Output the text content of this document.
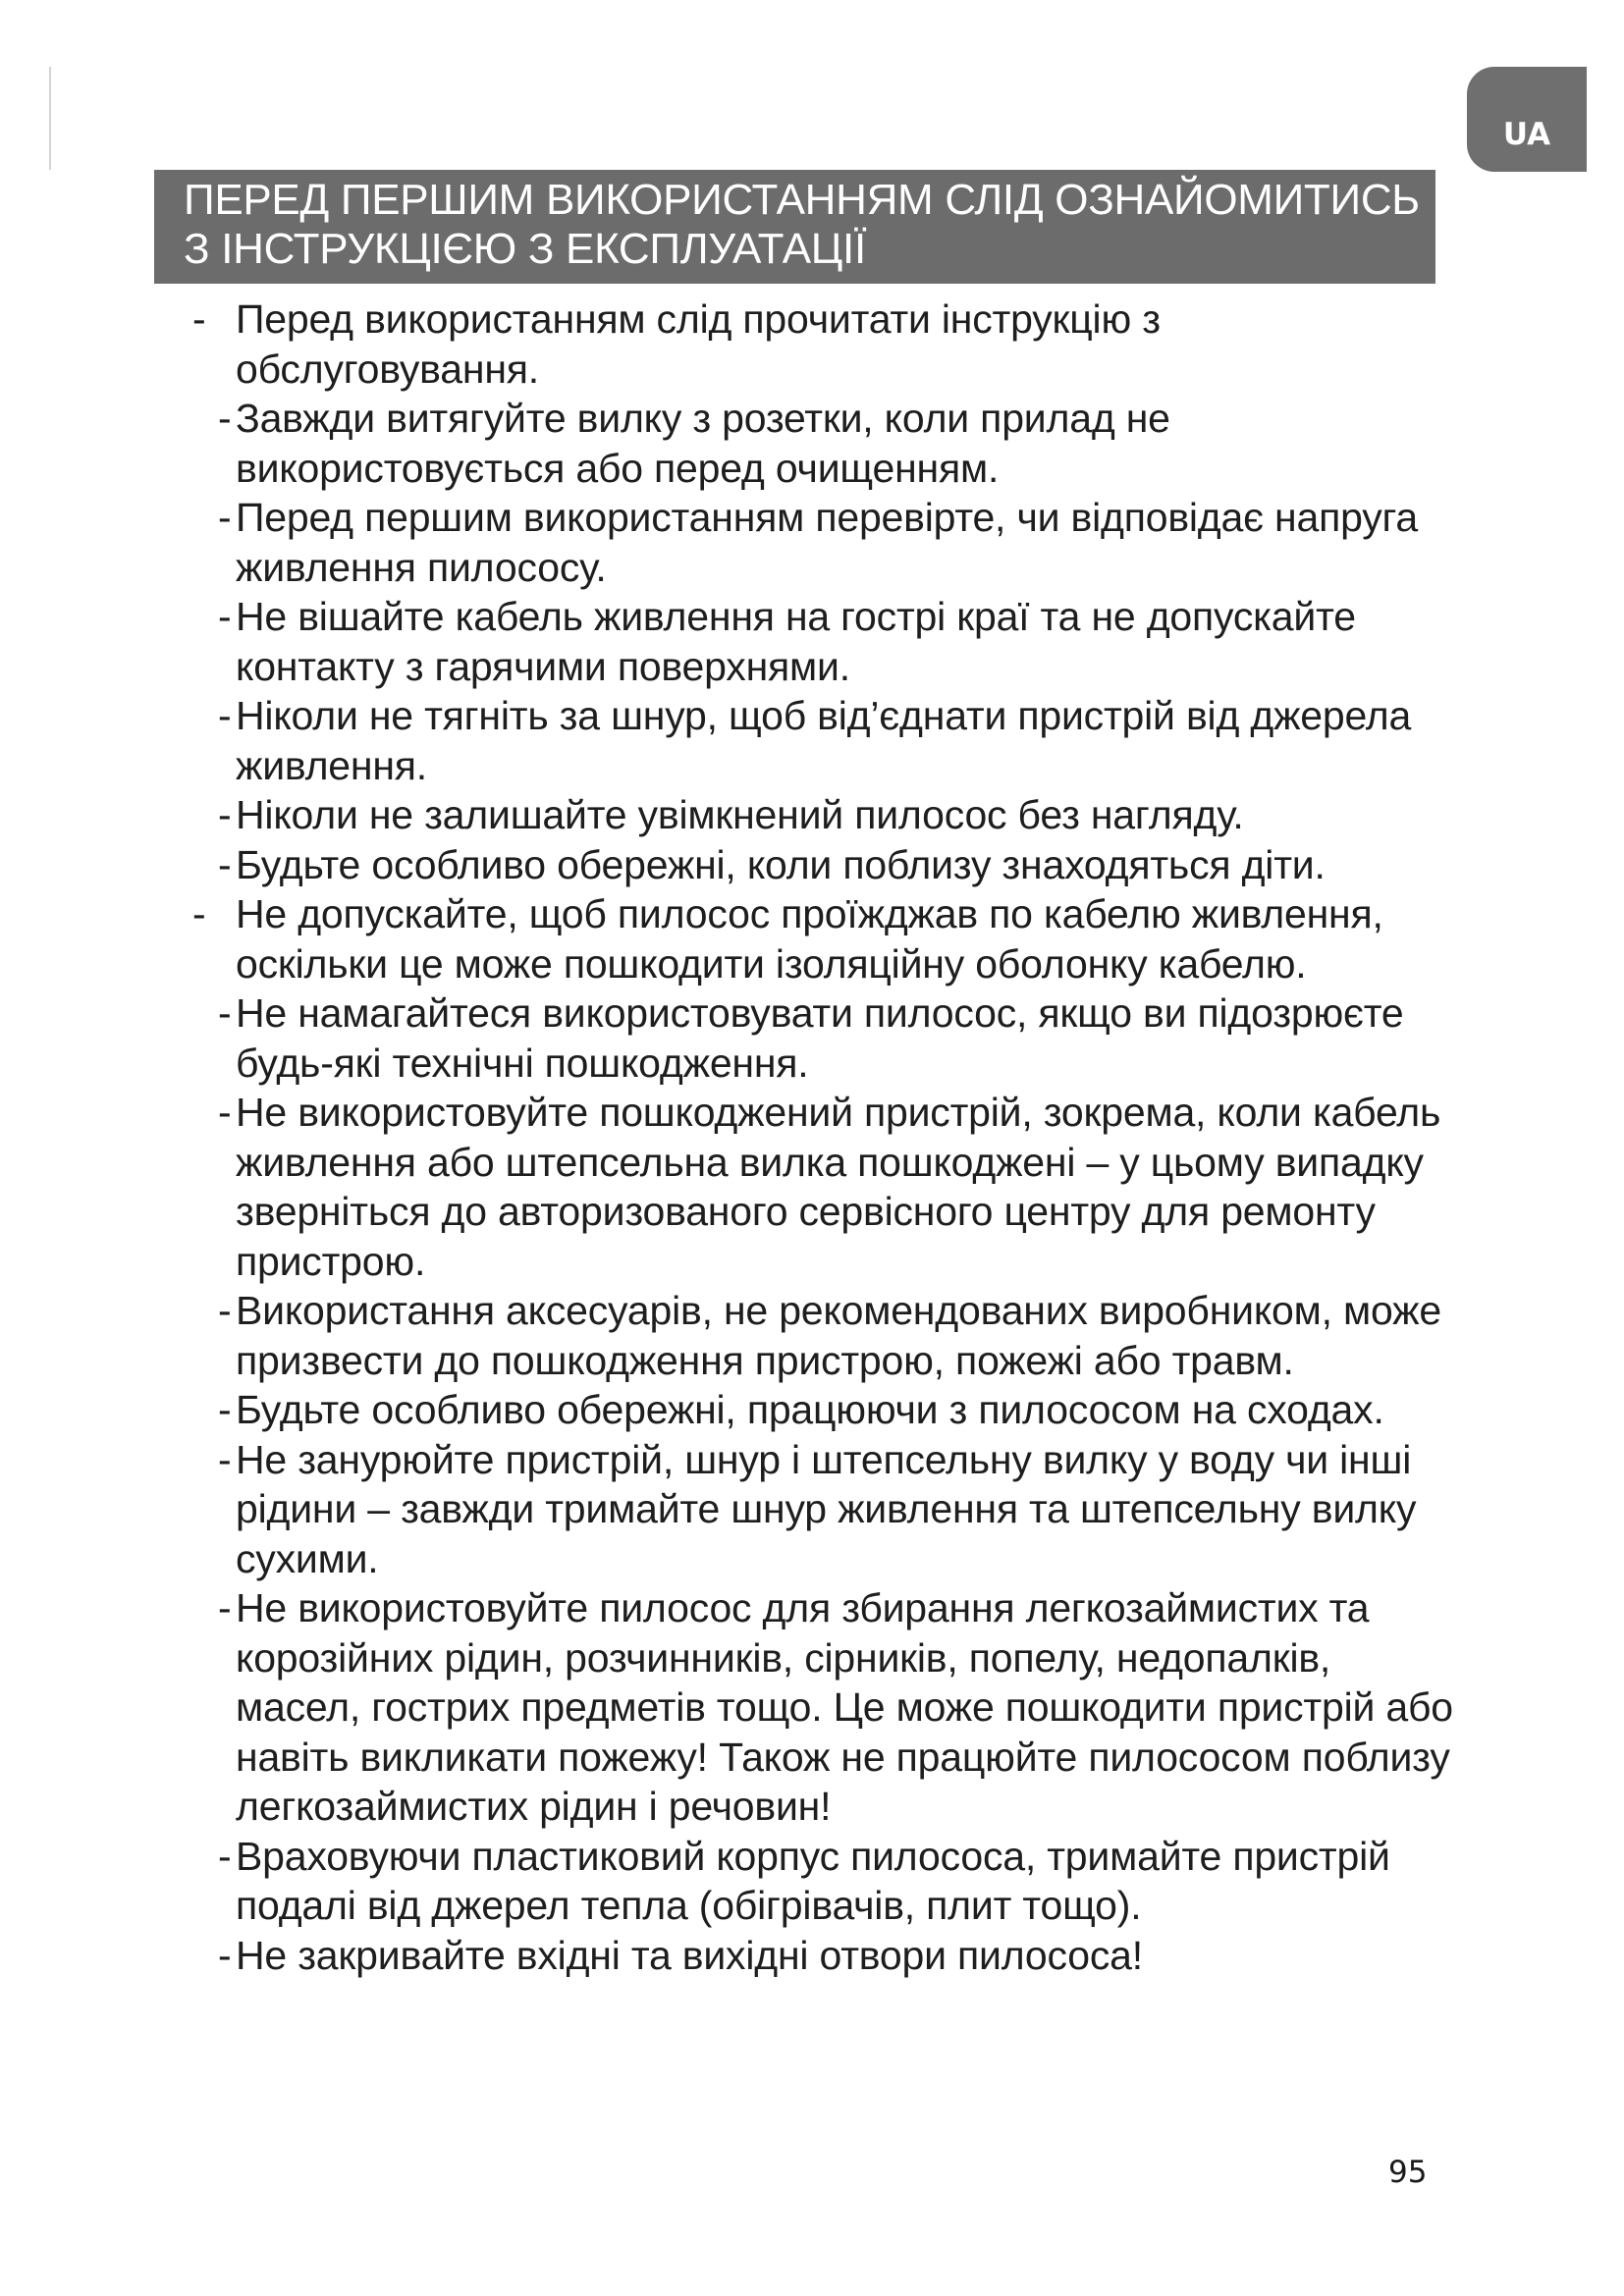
UA
ПЕРЕД ПЕРШИМ ВИКОРИСТАННЯМ СЛІД ОЗНАЙОМИТИСЬ
З ІНСТРУКЦІЄЮ З ЕКСПЛУАТАЦІЇ
- Перед використанням слід прочитати інструкцію з обслуговування.
- Завжди витягуйте вилку з розетки, коли прилад не використовується або перед очищенням.
- Перед першим використанням перевірте, чи відповідає напруга живлення пилососу.
- Не вішайте кабель живлення на гострі краї та не допускайте контакту з гарячими поверхнями.
- Ніколи не тягніть за шнур, щоб від’єднати пристрій від джерела живлення.
- Ніколи не залишайте увімкнений пилосос без нагляду.
- Будьте особливо обережні, коли поблизу знаходяться діти.
- Не допускайте, щоб пилосос проїжджав по кабелю живлення, оскільки це може пошкодити ізоляційну оболонку кабелю.
- Не намагайтеся використовувати пилосос, якщо ви підозрюєте будь-які технічні пошкодження.
- Не використовуйте пошкоджений пристрій, зокрема, коли кабель живлення або штепсельна вилка пошкоджені – у цьому випадку зверніться до авторизованого сервісного центру для ремонту пристрою.
- Використання аксесуарів, не рекомендованих виробником, може призвести до пошкодження пристрою, пожежі або травм.
- Будьте особливо обережні, працюючи з пилососом на сходах.
- Не занурюйте пристрій, шнур і штепсельну вилку у воду чи інші рідини – завжди тримайте шнур живлення та штепсельну вилку сухими.
- Не використовуйте пилосос для збирання легкозаймистих та корозійних рідин, розчинників, сірників, попелу, недопалків, масел, гострих предметів тощо. Це може пошкодити пристрій або навіть викликати пожежу! Також не працюйте пилососом поблизу легкозаймистих рідин і речовин!
- Враховуючи пластиковий корпус пилососа, тримайте пристрій подалі від джерел тепла (обігрівачів, плит тощо).
- Не закривайте вхідні та вихідні отвори пилососа!
95
